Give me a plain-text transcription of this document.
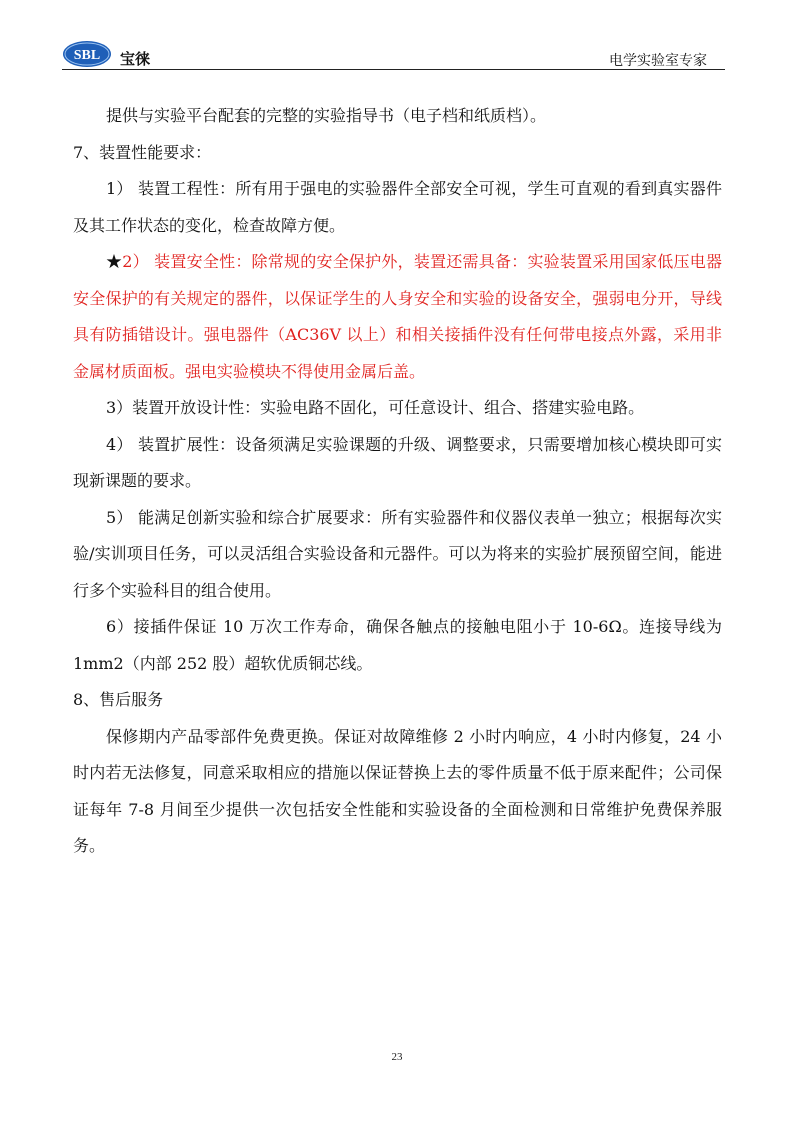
SBL 宝徕	电学实验室专家

提供与实验平台配套的完整的实验指导书（电子档和纸质档）。

7、装置性能要求：

1） 装置工程性：所有用于强电的实验器件全部安全可视，学生可直观的看到真实器件及其工作状态的变化，检查故障方便。

★2） 装置安全性：除常规的安全保护外，装置还需具备：实验装置采用国家低压电器安全保护的有关规定的器件，以保证学生的人身安全和实验的设备安全，强弱电分开，导线具有防插错设计。强电器件（AC36V 以上）和相关接插件没有任何带电接点外露，采用非金属材质面板。强电实验模块不得使用金属后盖。

3）装置开放设计性：实验电路不固化，可任意设计、组合、搭建实验电路。

4） 装置扩展性：设备须满足实验课题的升级、调整要求，只需要增加核心模块即可实现新课题的要求。

5） 能满足创新实验和综合扩展要求：所有实验器件和仪器仪表单一独立；根据每次实验/实训项目任务，可以灵活组合实验设备和元器件。可以为将来的实验扩展预留空间，能进行多个实验科目的组合使用。

6）接插件保证 10 万次工作寿命，确保各触点的接触电阻小于 10-6Ω。连接导线为 1mm2（内部 252 股）超软优质铜芯线。

8、售后服务

保修期内产品零部件免费更换。保证对故障维修 2 小时内响应，4 小时内修复，24 小时内若无法修复，同意采取相应的措施以保证替换上去的零件质量不低于原来配件；公司保证每年 7-8 月间至少提供一次包括安全性能和实验设备的全面检测和日常维护免费保养服务。

23
